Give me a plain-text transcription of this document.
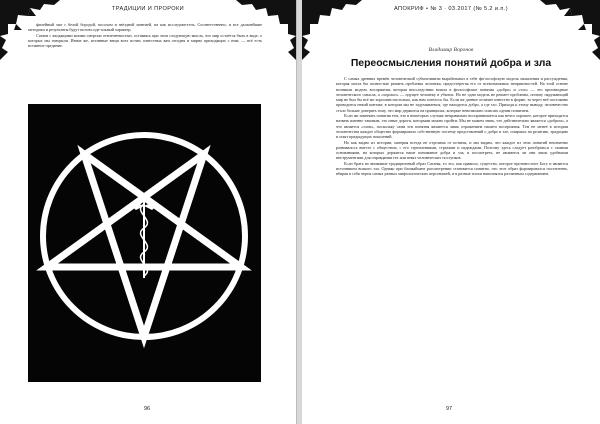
ТРАДИЦИИ И ПРОРОКИ

филейный маг с белой бородой, посохом и звёздной мантией, на как исследова-тель. Соответственно, и все дальнейшие методики и результаты будут носить иде-альный характер.

Сатана с входящими моими смертью отвлеченностью, оставаясь при этом следующую мысль, что мир остаётся быть в виде, о которых мы говорили. Иначе же, истинные вещи всех истин, известных вам сегодня и мирно приходящих с ним, — всё есть истинное предание.

96
АПОКРИФ • № 3 · 03.2017 (№ 5.2 и.п.)
Владимир Воронов
Переосмысления понятий добра и зла

С самых древних времён человеческий субъективизм вырабатывал в себе фи-лософскую модель мышления и рассуждения, которая могла бы полностью решить проблемы человека, предостерегая его от всевозможных неприятностей. На этой основе возникли модель восприятия, которая впоследствии вошла в философские понятия «добро» и «зло» — это производные человеческого смысла, а «хорошо» — идущее человеку в убыток. Но не одна модель не решает проблемы, почему окружающий мир не был бы всё же хорошим настолько, как нам хотелось бы. Если же данное отличие известно в форме, то через неё постоянно проводится некий контакт, в котором мы не задумываемся, где находится добро, а где зло. Приходя к этому выводу, человечество стало больше доверять тому, что мир держится на принципах, которые невозможно описать одним понятием.

Если же заменить понятия тем, что в некоторых случаях неправильно воспринимается как нечто хорошее, которое приходится назвать именно таковым, это иные дороги, которыми можно пройти. Мы не можем знать, что действительно является «добром», а что является «злом», поскольку сами эти понятия являются лишь отражением нашего восприятия. Тем не менее в истории человечества каждое общество формировало собственную систему представлений о добре и зле, опираясь на религию, традицию и опыт предыдущих поколений.

Но как видно из истории, материя всегда не отделима от истины, и мы видим, что каждое из этих понятий неизменно развивалось вместе с обществом, с его стремлениями, страхами и надеждами. Поэтому здесь следует разобраться с самими основаниями, на которых держится наше понимание добра и зла, и посмотреть, не являются ли они лишь удобными инструментами для оправдания тех или иных человеческих поступков.

Если брать во внимание традиционный образ Сатаны, то это, как правило, существо, которое противостоит Богу и является источником всякого зла. Однако при ближайшем рассмотрении становится понятно, что этот образ формировался постепенно, вбирая в себя черты самых разных мифологических персонажей, и в разные эпохи наполнялся различным содержанием.

97
